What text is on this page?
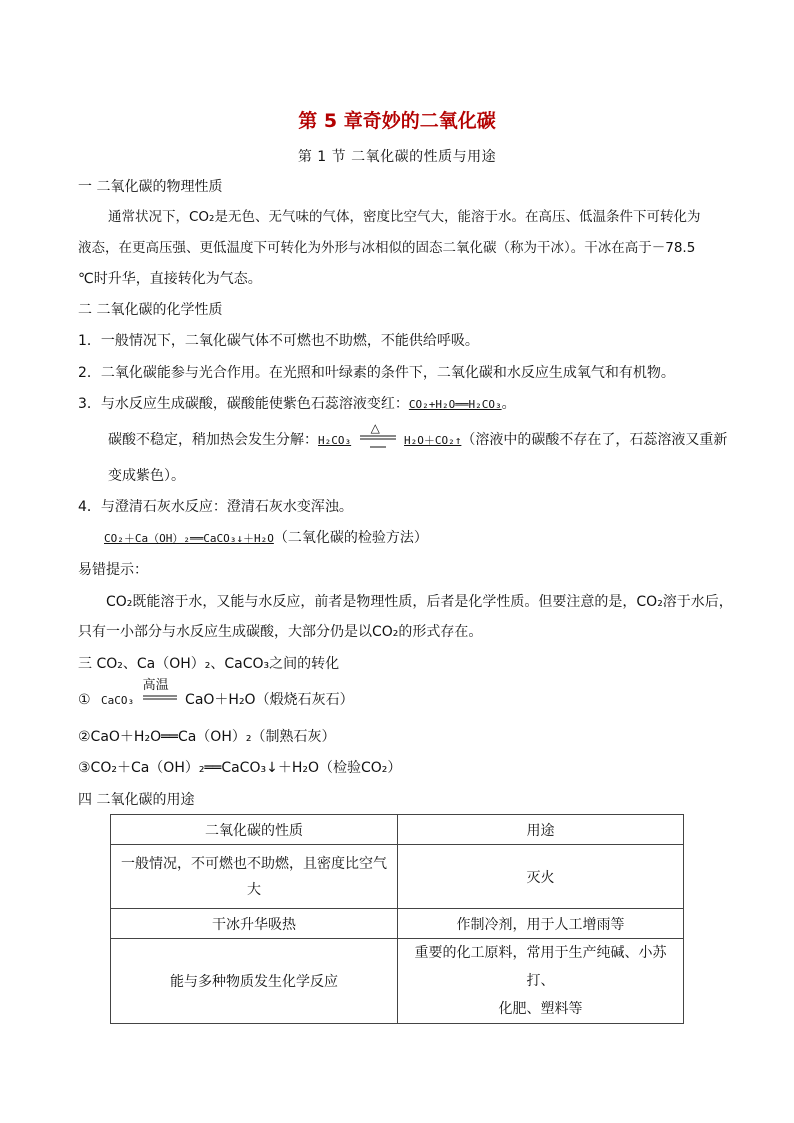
第 5 章奇妙的二氧化碳
第 1 节 二氧化碳的性质与用途
一 二氧化碳的物理性质
通常状况下，CO₂是无色、无气味的气体，密度比空气大，能溶于水。在高压、低温条件下可转化为
液态，在更高压强、更低温度下可转化为外形与冰相似的固态二氧化碳（称为干冰）。干冰在高于－78.5
℃时升华，直接转化为气态。
二 二氧化碳的化学性质
1．一般情况下，二氧化碳气体不可燃也不助燃，不能供给呼吸。
2．二氧化碳能参与光合作用。在光照和叶绿素的条件下，二氧化碳和水反应生成氧气和有机物。
3．与水反应生成碳酸，碳酸能使紫色石蕊溶液变红：CO₂+H₂O══H₂CO₃。
碳酸不稳定，稍加热会发生分解：H₂CO₃
△
H₂O＋CO₂↑（溶液中的碳酸不存在了，石蕊溶液又重新
变成紫色）。
4．与澄清石灰水反应：澄清石灰水变浑浊。
CO₂＋Ca（OH）₂══CaCO₃↓＋H₂O（二氧化碳的检验方法）
易错提示：
CO₂既能溶于水，又能与水反应，前者是物理性质，后者是化学性质。但要注意的是，CO₂溶于水后，
只有一小部分与水反应生成碳酸，大部分仍是以CO₂的形式存在。
三 CO₂、Ca（OH）₂、CaCO₃之间的转化
① CaCO₃
高温
CaO＋H₂O（煅烧石灰石）
②CaO＋H₂O══Ca（OH）₂（制熟石灰）
③CO₂＋Ca（OH）₂══CaCO₃↓＋H₂O（检验CO₂）
四 二氧化碳的用途
二氧化碳的性质	用途

一般情况，不可燃也不助燃，且密度比空气
大	灭火
干冰升华吸热	作制冷剂，用于人工增雨等
能与多种物质发生化学反应	重要的化工原料，常用于生产纯碱、小苏打、
化肥、塑料等
